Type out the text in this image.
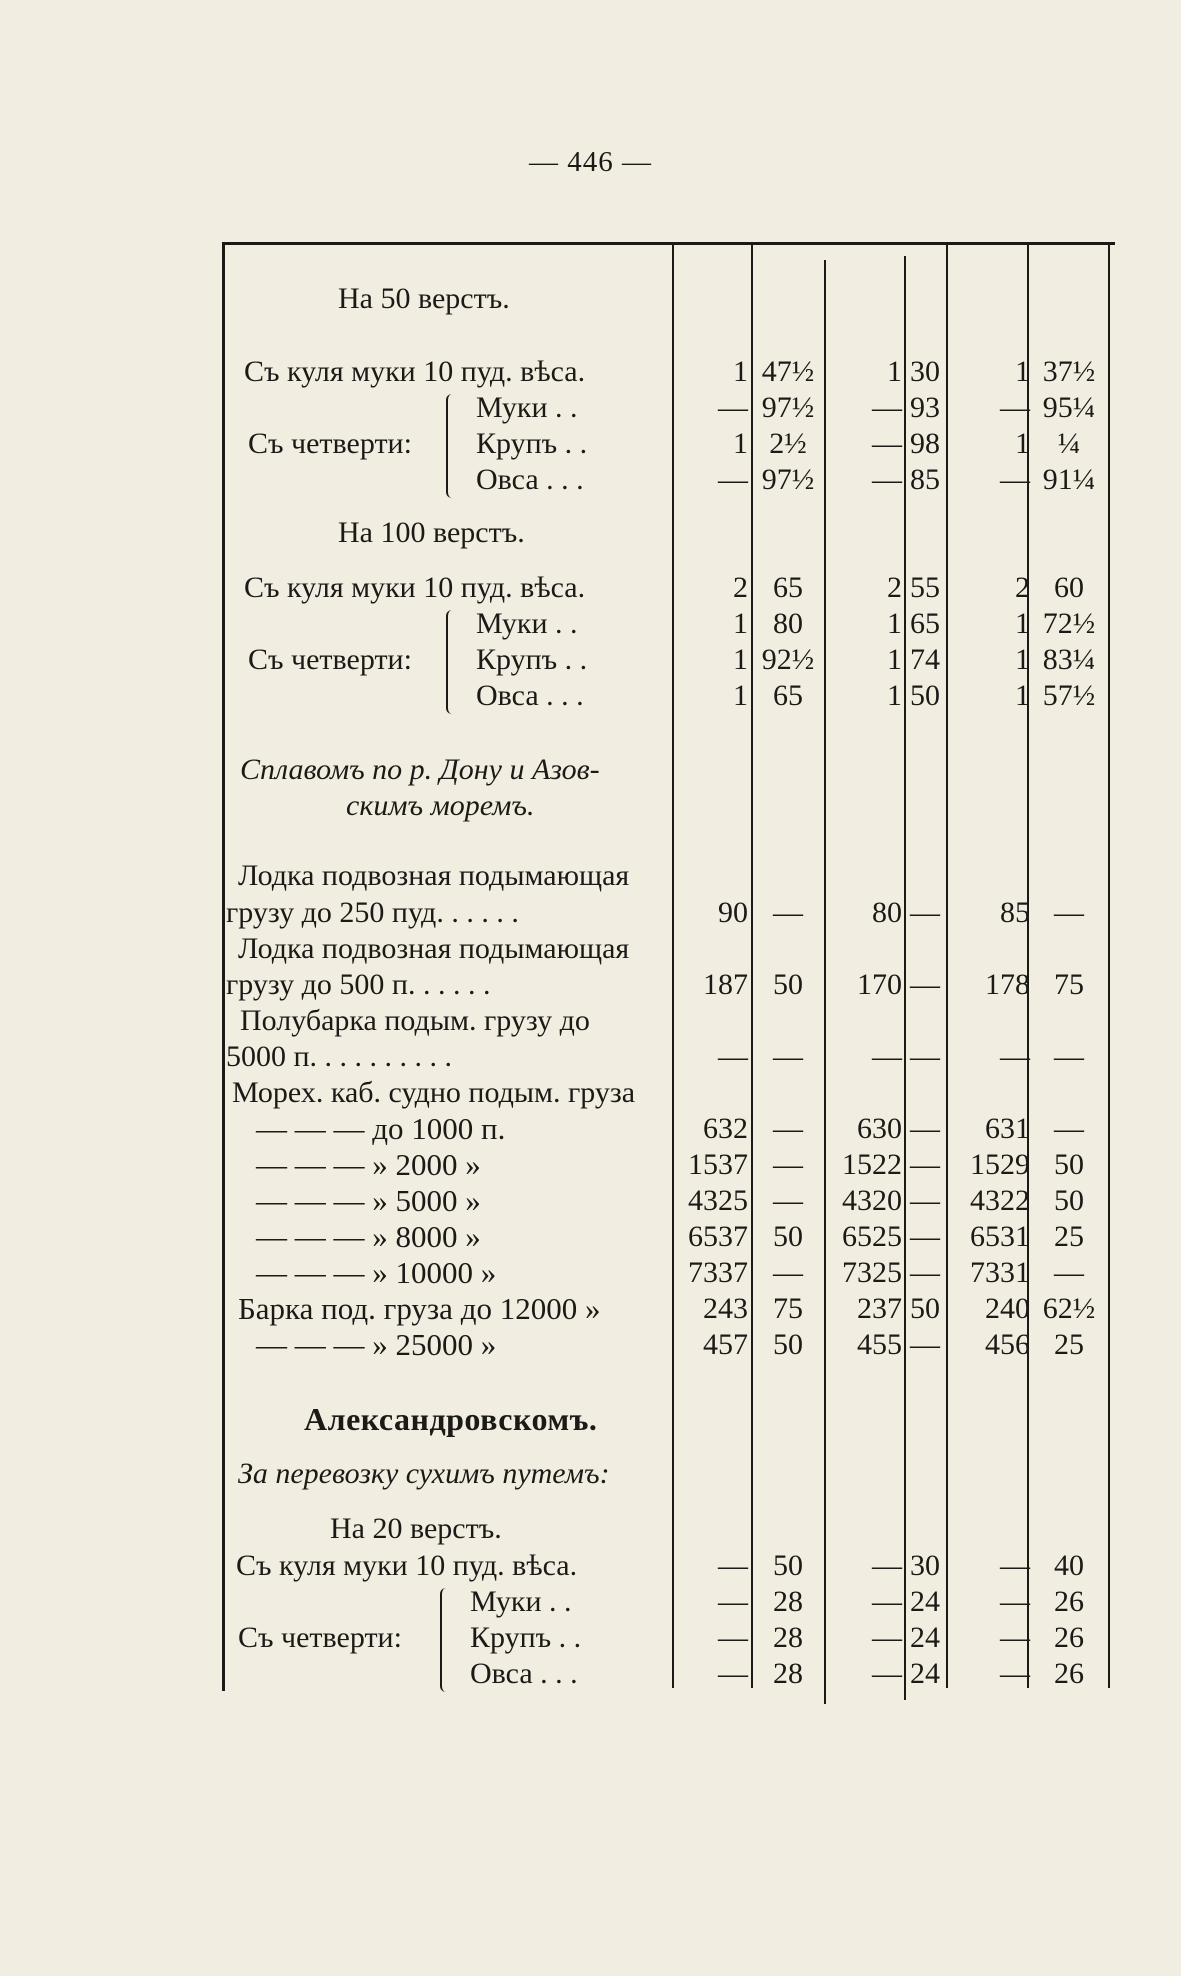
— 446 —
На 50 верстъ.
Съ куля муки 10 пуд. вѣса.	1 47½	1 30	1 37½
Муки . .	— 97½	— 93	— 95¼
Съ четверти: Крупъ . .	1 2½	— 98	1 ¼
Овса . . .	— 97½	— 85	— 91¼
На 100 верстъ.
Съ куля муки 10 пуд. вѣса.	2 65	2 55	2 60
Муки . .	1 80	1 65	1 72½
Съ четверти: Крупъ . .	1 92½	1 74	1 83¼
Овса . . .	1 65	1 50	1 57½
Сплавомъ по р. Дону и Азов-
скимъ моремъ.
Лодка подвозная подымающая
грузу до 250 пуд. . . . . .	90 —	80 —	85 —
Лодка подвозная подымающая
грузу до 500 п. . . . . .	187 50	170 —	178 75
Полубарка подым. грузу до
5000 п. . . . . . . . . .	— —	— —	— —
Морех. каб. судно подым. груза
— — — до 1000 п.	632 —	630 —	631 —
— — — » 2000 »	1537 —	1522 —	1529 50
— — — » 5000 »	4325 —	4320 —	4322 50
— — — » 8000 »	6537 50	6525 —	6531 25
— — — » 10000 »	7337 —	7325 —	7331 —
Барка под. груза до 12000 »	243 75	237 50	240 62½
— — — » 25000 »	457 50	455 —	456 25
Александровскомъ.
За перевозку сухимъ путемъ:
На 20 верстъ.
Съ куля муки 10 пуд. вѣса.	— 50	— 30	— 40
Муки . .	— 28	— 24	— 26
Съ четверти: Крупъ . .	— 28	— 24	— 26
Овса . . .	— 28	— 24	— 26
